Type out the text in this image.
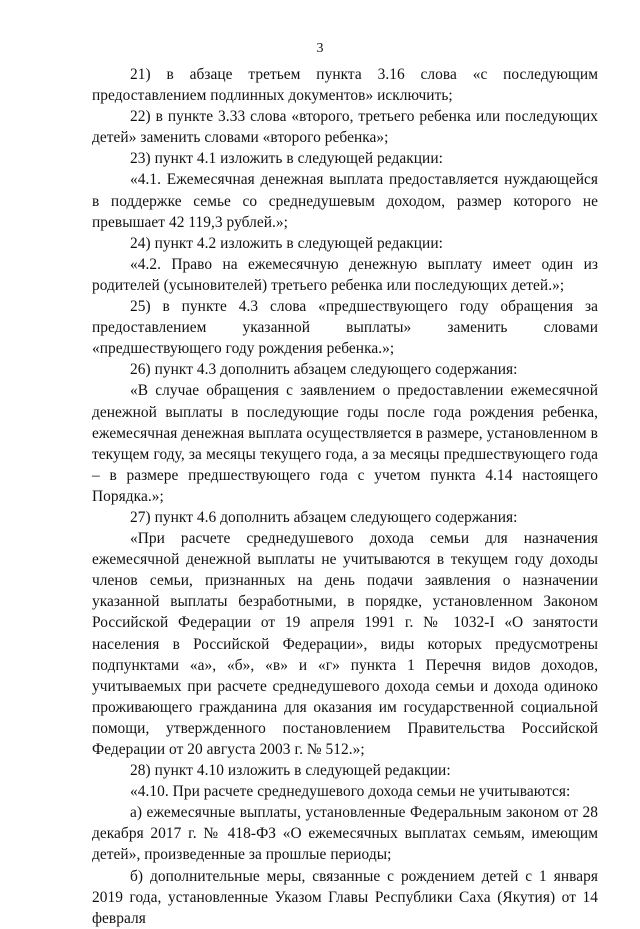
3

21) в абзаце третьем пункта 3.16 слова «с последующим предоставлением подлинных документов» исключить;

22) в пункте 3.33 слова «второго, третьего ребенка или последующих детей» заменить словами «второго ребенка»;

23) пункт 4.1 изложить в следующей редакции:

«4.1. Ежемесячная денежная выплата предоставляется нуждающейся в поддержке семье со среднедушевым доходом, размер которого не превышает 42 119,3 рублей.»;

24) пункт 4.2 изложить в следующей редакции:

«4.2. Право на ежемесячную денежную выплату имеет один из родителей (усыновителей) третьего ребенка или последующих детей.»;

25) в пункте 4.3 слова «предшествующего году обращения за предоставлением указанной выплаты» заменить словами «предшествующего году рождения ребенка.»;

26) пункт 4.3 дополнить абзацем следующего содержания:

«В случае обращения с заявлением о предоставлении ежемесячной денежной выплаты в последующие годы после года рождения ребенка, ежемесячная денежная выплата осуществляется в размере, установленном в текущем году, за месяцы текущего года, а за месяцы предшествующего года – в размере предшествующего года с учетом пункта 4.14 настоящего Порядка.»;

27) пункт 4.6 дополнить абзацем следующего содержания:

«При расчете среднедушевого дохода семьи для назначения ежемесячной денежной выплаты не учитываются в текущем году доходы членов семьи, признанных на день подачи заявления о назначении указанной выплаты безработными, в порядке, установленном Законом Российской Федерации от 19 апреля 1991 г. № 1032-I «О занятости населения в Российской Федерации», виды которых предусмотрены подпунктами «а», «б», «в» и «г» пункта 1 Перечня видов доходов, учитываемых при расчете среднедушевого дохода семьи и дохода одиноко проживающего гражданина для оказания им государственной социальной помощи, утвержденного постановлением Правительства Российской Федерации от 20 августа 2003 г. № 512.»;

28) пункт 4.10 изложить в следующей редакции:

«4.10. При расчете среднедушевого дохода семьи не учитываются:

а) ежемесячные выплаты, установленные Федеральным законом от 28 декабря 2017 г. № 418-ФЗ «О ежемесячных выплатах семьям, имеющим детей», произведенные за прошлые периоды;

б) дополнительные меры, связанные с рождением детей с 1 января 2019 года, установленные Указом Главы Республики Саха (Якутия) от 14 февраля
